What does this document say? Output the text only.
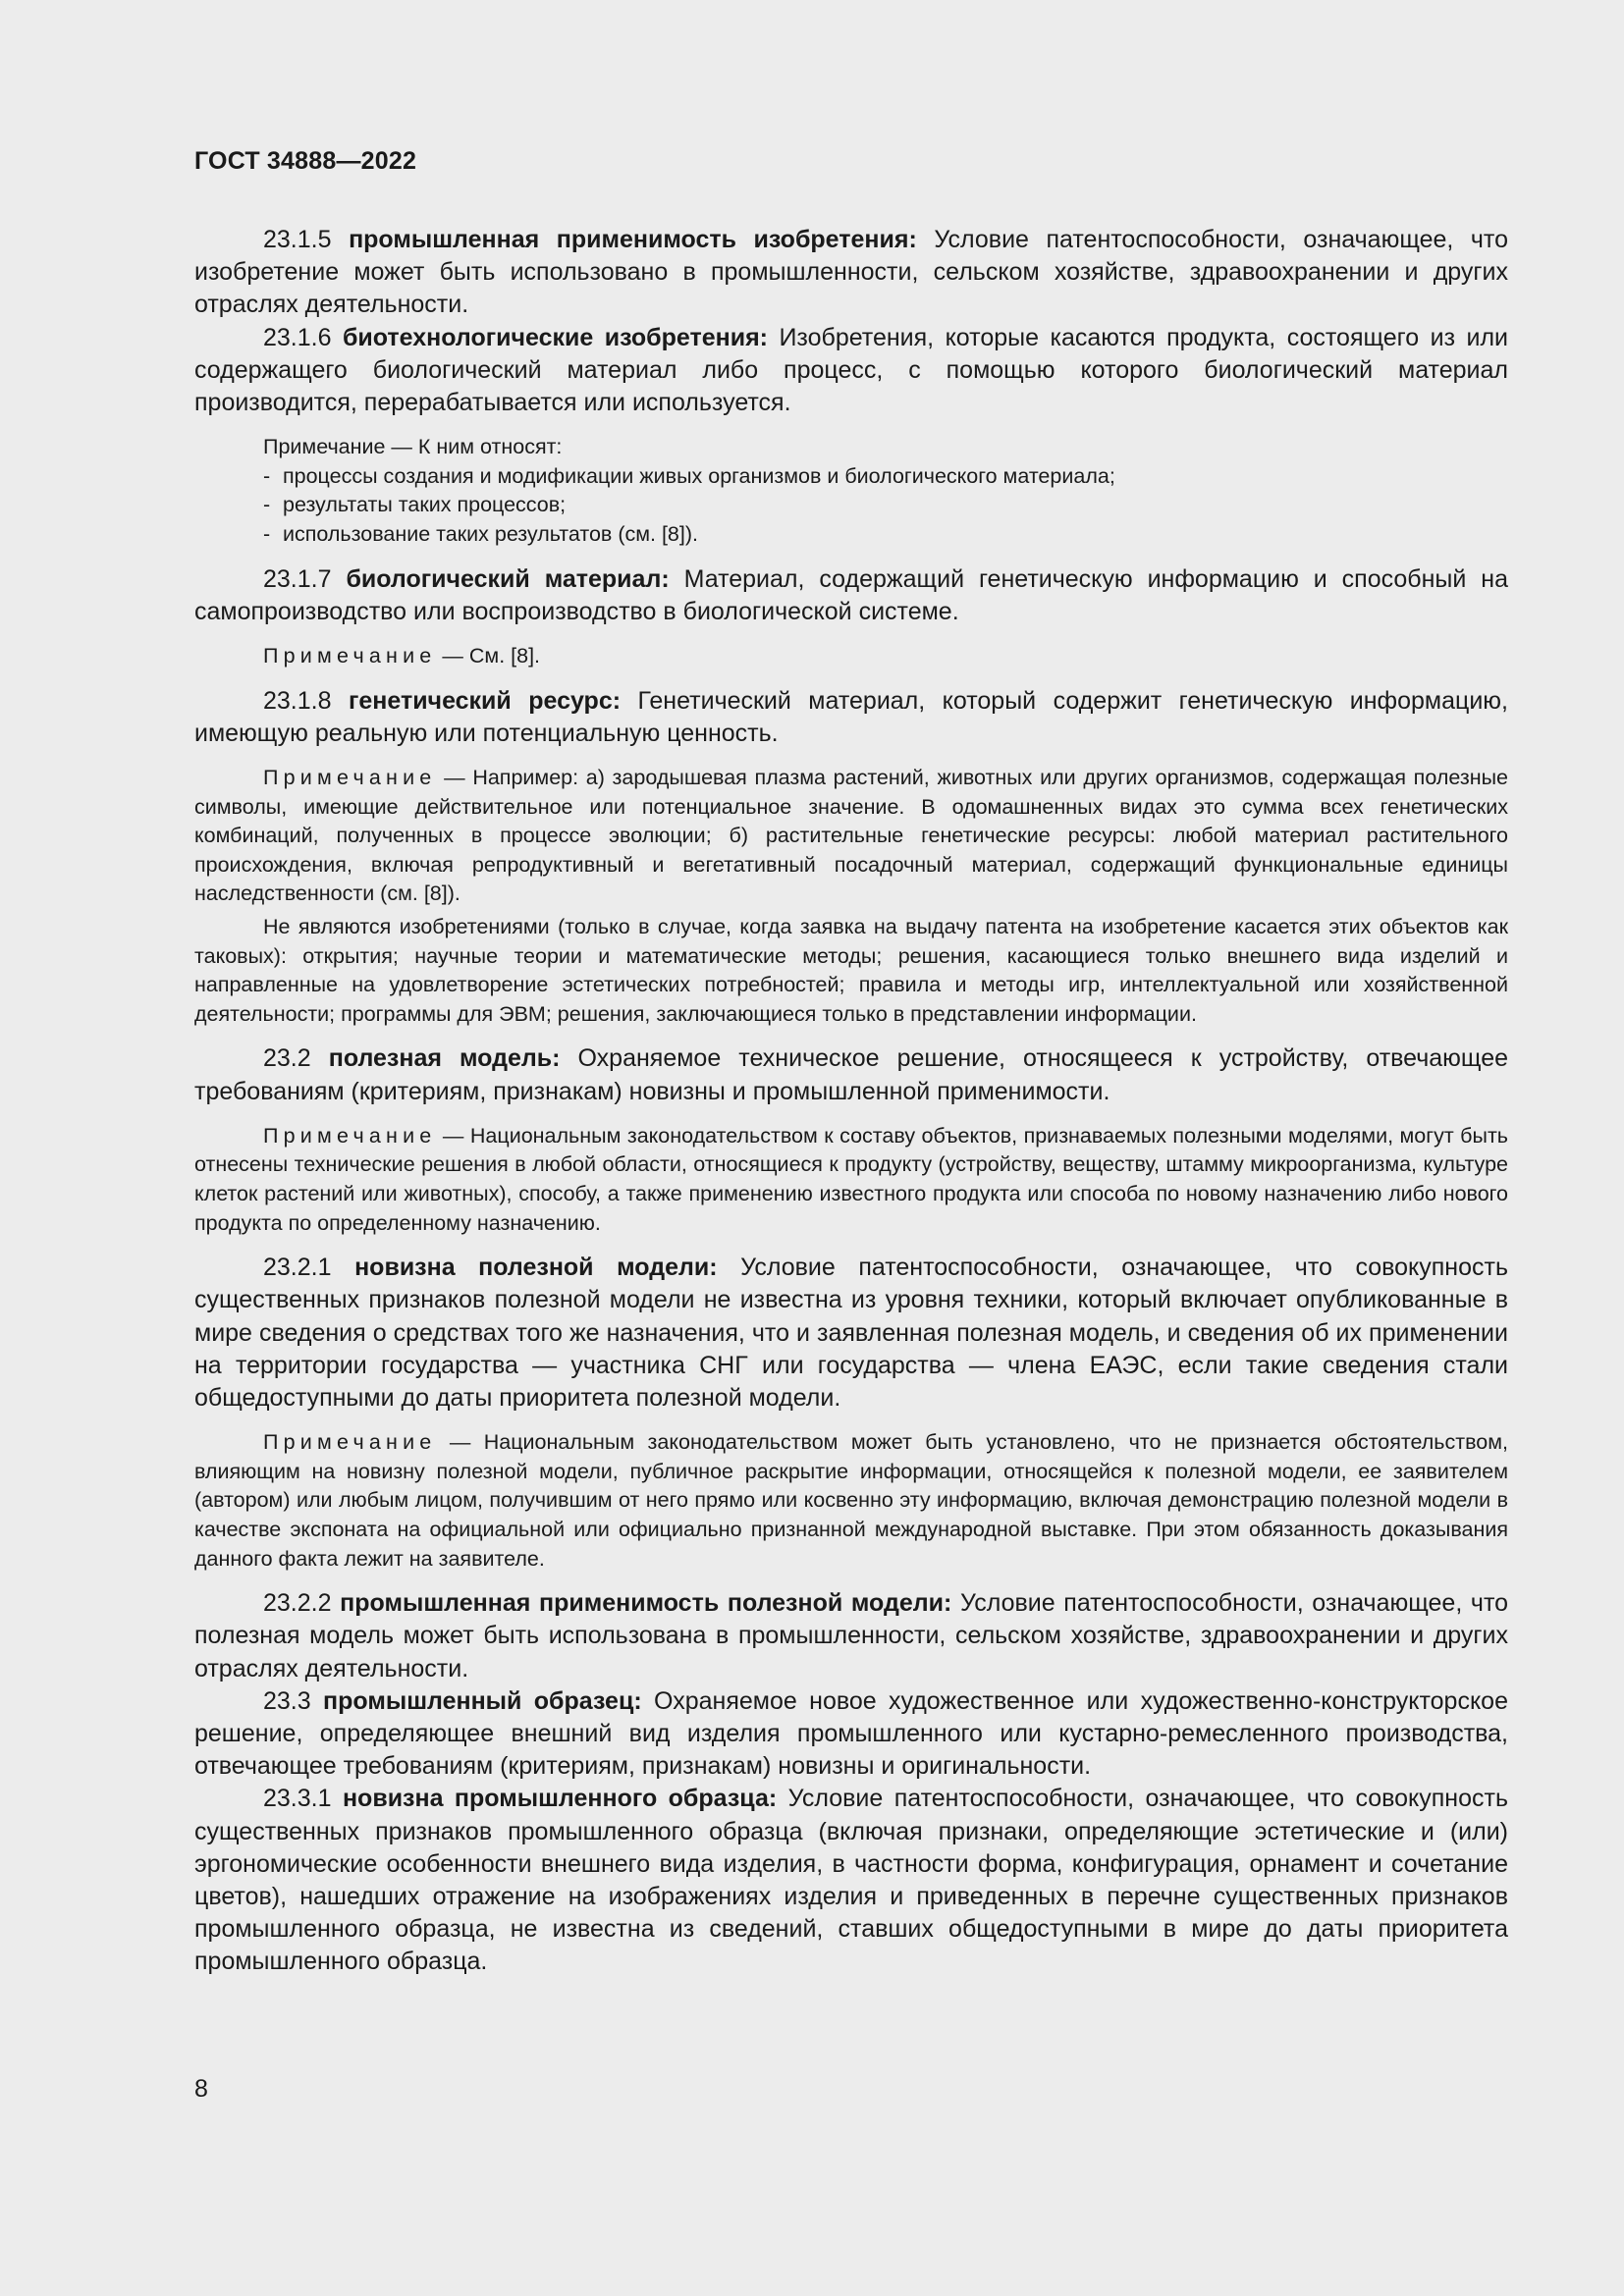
ГОСТ 34888—2022

23.1.5 промышленная применимость изобретения: Условие патентоспособности, означающее, что изобретение может быть использовано в промышленности, сельском хозяйстве, здравоохранении и других отраслях деятельности.

23.1.6 биотехнологические изобретения: Изобретения, которые касаются продукта, состоящего из или содержащего биологический материал либо процесс, с помощью которого биологический материал производится, перерабатывается или используется.

Примечание — К ним относят:
- процессы создания и модификации живых организмов и биологического материала;
- результаты таких процессов;
- использование таких результатов (см. [8]).

23.1.7 биологический материал: Материал, содержащий генетическую информацию и способный на самопроизводство или воспроизводство в биологической системе.

Примечание — См. [8].

23.1.8 генетический ресурс: Генетический материал, который содержит генетическую информацию, имеющую реальную или потенциальную ценность.

Примечание — Например: а) зародышевая плазма растений, животных или других организмов, содержащая полезные символы, имеющие действительное или потенциальное значение. В одомашненных видах это сумма всех генетических комбинаций, полученных в процессе эволюции; б) растительные генетические ресурсы: любой материал растительного происхождения, включая репродуктивный и вегетативный посадочный материал, содержащий функциональные единицы наследственности (см. [8]).

Не являются изобретениями (только в случае, когда заявка на выдачу патента на изобретение касается этих объектов как таковых): открытия; научные теории и математические методы; решения, касающиеся только внешнего вида изделий и направленные на удовлетворение эстетических потребностей; правила и методы игр, интеллектуальной или хозяйственной деятельности; программы для ЭВМ; решения, заключающиеся только в представлении информации.

23.2 полезная модель: Охраняемое техническое решение, относящееся к устройству, отвечающее требованиям (критериям, признакам) новизны и промышленной применимости.

Примечание — Национальным законодательством к составу объектов, признаваемых полезными моделями, могут быть отнесены технические решения в любой области, относящиеся к продукту (устройству, веществу, штамму микроорганизма, культуре клеток растений или животных), способу, а также применению известного продукта или способа по новому назначению либо нового продукта по определенному назначению.

23.2.1 новизна полезной модели: Условие патентоспособности, означающее, что совокупность существенных признаков полезной модели не известна из уровня техники, который включает опубликованные в мире сведения о средствах того же назначения, что и заявленная полезная модель, и сведения об их применении на территории государства — участника СНГ или государства — члена ЕАЭС, если такие сведения стали общедоступными до даты приоритета полезной модели.

Примечание — Национальным законодательством может быть установлено, что не признается обстоятельством, влияющим на новизну полезной модели, публичное раскрытие информации, относящейся к полезной модели, ее заявителем (автором) или любым лицом, получившим от него прямо или косвенно эту информацию, включая демонстрацию полезной модели в качестве экспоната на официальной или официально признанной международной выставке. При этом обязанность доказывания данного факта лежит на заявителе.

23.2.2 промышленная применимость полезной модели: Условие патентоспособности, означающее, что полезная модель может быть использована в промышленности, сельском хозяйстве, здравоохранении и других отраслях деятельности.

23.3 промышленный образец: Охраняемое новое художественное или художественно-конструкторское решение, определяющее внешний вид изделия промышленного или кустарно-ремесленного производства, отвечающее требованиям (критериям, признакам) новизны и оригинальности.

23.3.1 новизна промышленного образца: Условие патентоспособности, означающее, что совокупность существенных признаков промышленного образца (включая признаки, определяющие эстетические и (или) эргономические особенности внешнего вида изделия, в частности форма, конфигурация, орнамент и сочетание цветов), нашедших отражение на изображениях изделия и приведенных в перечне существенных признаков промышленного образца, не известна из сведений, ставших общедоступными в мире до даты приоритета промышленного образца.

8
